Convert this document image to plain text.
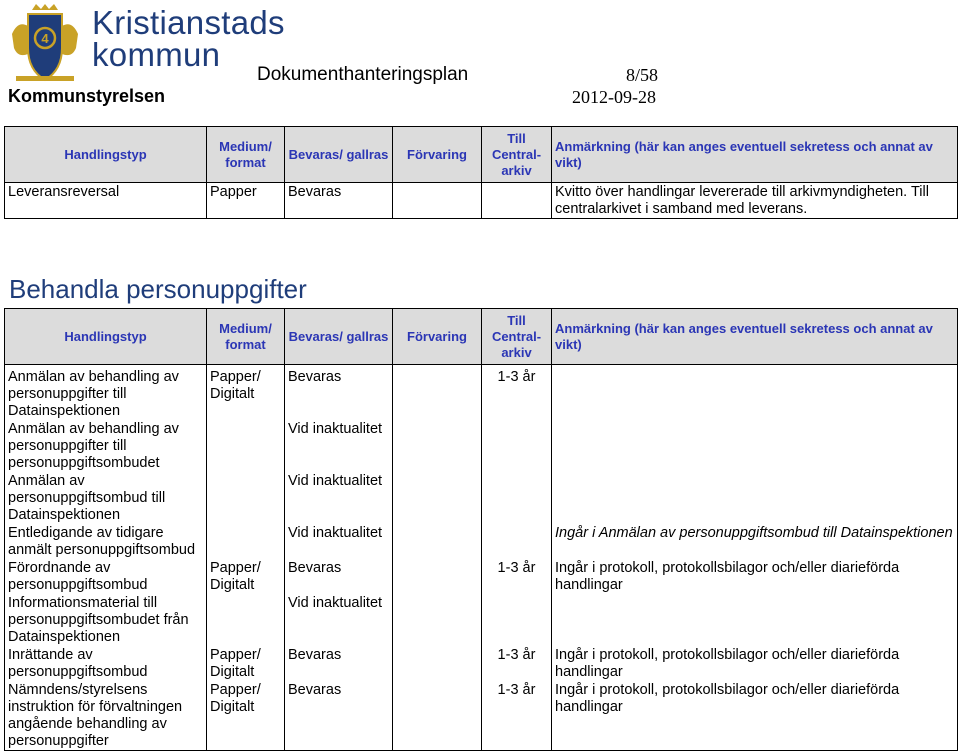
4 Kristianstads
kommun
Dokumenthanteringsplan	8/58
Kommunstyrelsen	2012-09-28
Handlingstyp	Medium/ format	Bevaras/ gallras	Förvaring	Till Central-arkiv	Anmärkning (här kan anges eventuell sekretess och annat av vikt)
Leveransreversal	Papper	Bevaras			Kvitto över handlingar levererade till arkivmyndigheten. Till centralarkivet i samband med leverans.
Behandla personuppgifter
Handlingstyp	Medium/ format	Bevaras/ gallras	Förvaring	Till Central-arkiv	Anmärkning (här kan anges eventuell sekretess och annat av vikt)
Anmälan av behandling av personuppgifter till Datainspektionen	Papper/ Digitalt	Bevaras		1-3 år	
Anmälan av behandling av personuppgifter till personuppgiftsombudet		Vid inaktualitet			
Anmälan av personuppgiftsombud till Datainspektionen		Vid inaktualitet			
Entledigande av tidigare anmält personuppgiftsombud		Vid inaktualitet			Ingår i Anmälan av personuppgiftsombud till Datainspektionen
Förordnande av personuppgiftsombud	Papper/ Digitalt	Bevaras		1-3 år	Ingår i protokoll, protokollsbilagor och/eller diarieförda handlingar
Informationsmaterial till personuppgiftsombudet från Datainspektionen		Vid inaktualitet			
Inrättande av personuppgiftsombud	Papper/ Digitalt	Bevaras		1-3 år	Ingår i protokoll, protokollsbilagor och/eller diarieförda handlingar
Nämndens/styrelsens instruktion för förvaltningen angående behandling av personuppgifter	Papper/ Digitalt	Bevaras		1-3 år	Ingår i protokoll, protokollsbilagor och/eller diarieförda handlingar
